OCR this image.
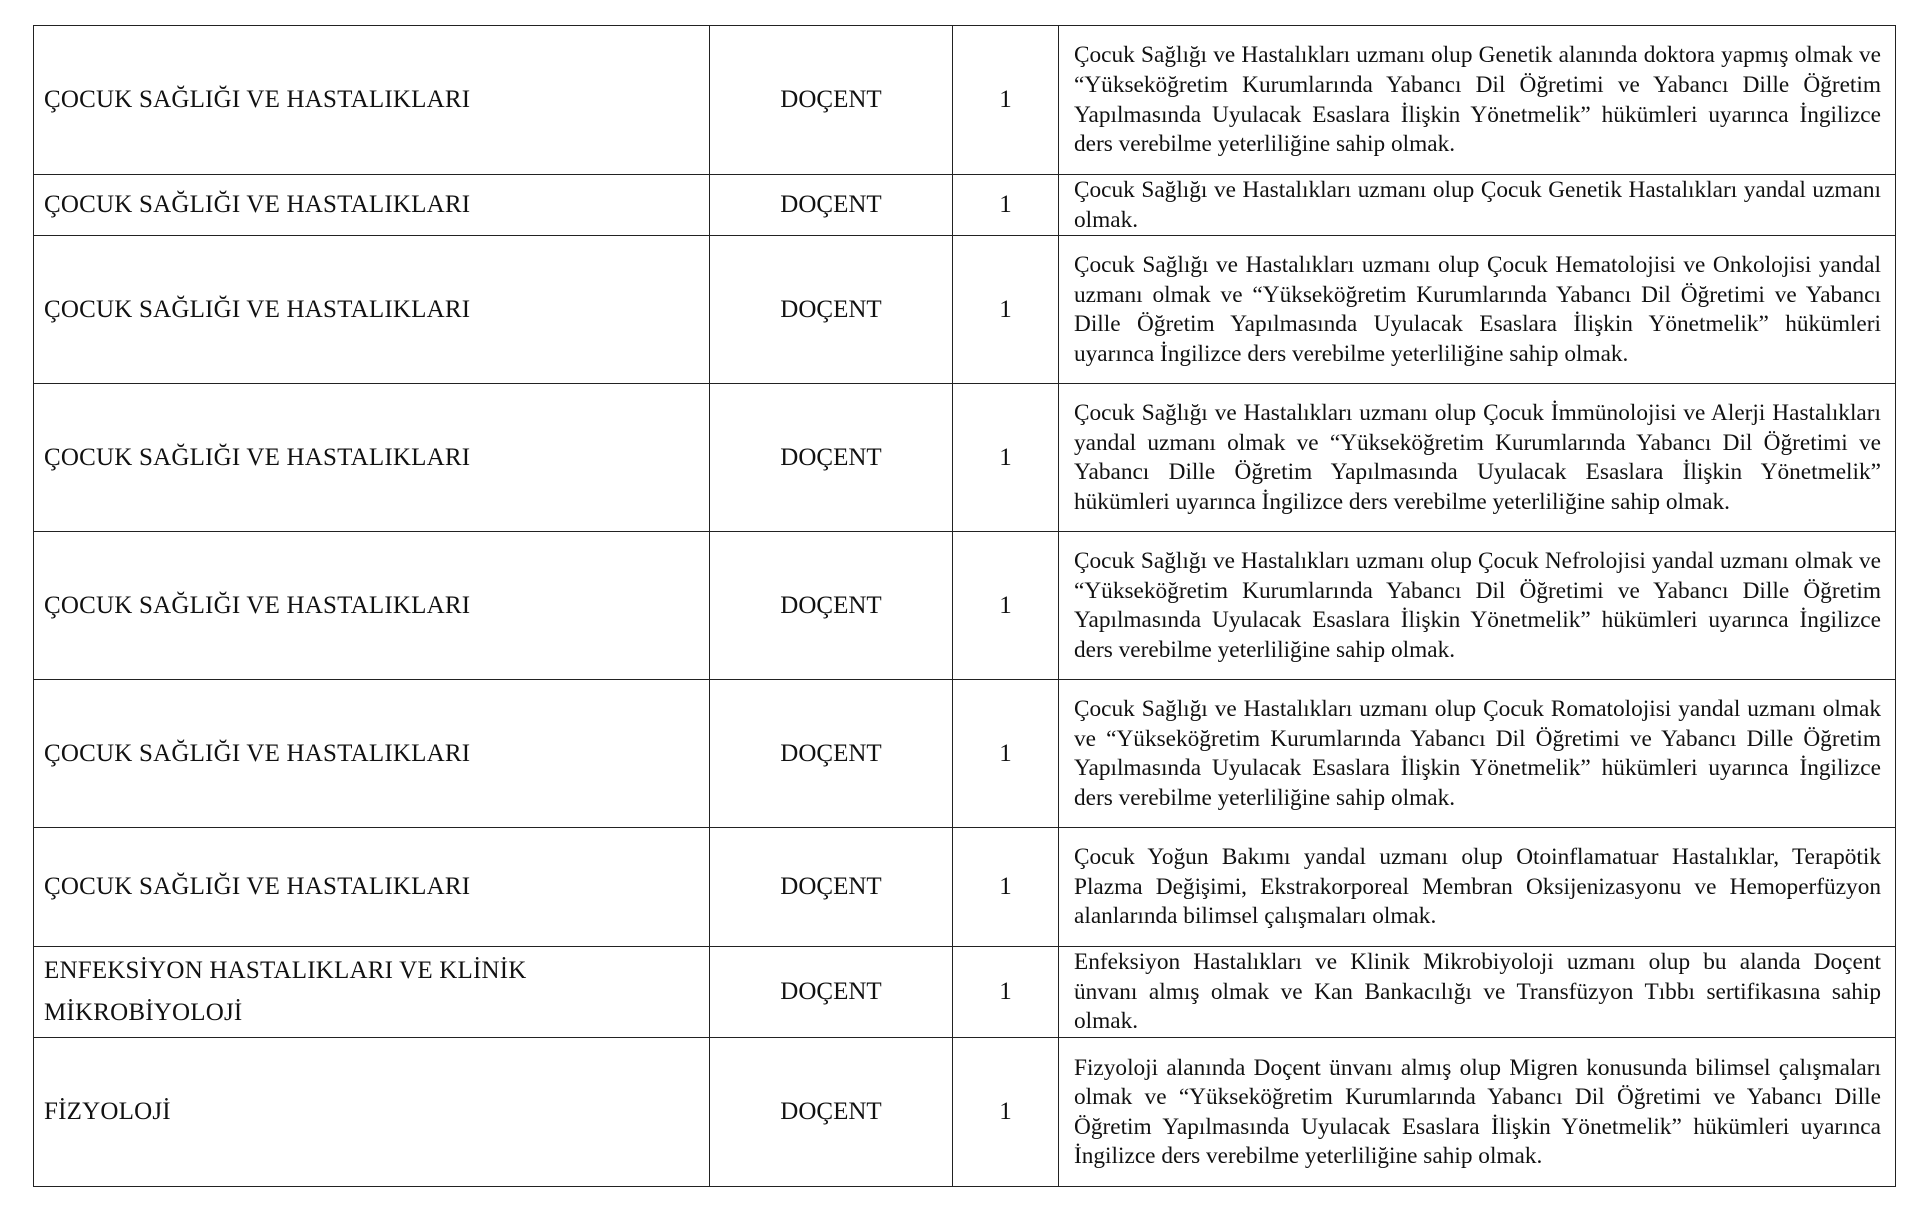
ÇOCUK SAĞLIĞI VE HASTALIKLARI	DOÇENT	1	Çocuk Sağlığı ve Hastalıkları uzmanı olup Genetik alanında doktora yapmış olmak ve “Yükseköğretim Kurumlarında Yabancı Dil Öğretimi ve Yabancı Dille Öğretim Yapılmasında Uyulacak Esaslara İlişkin Yönetmelik” hükümleri uyarınca İngilizce ders verebilme yeterliliğine sahip olmak.
ÇOCUK SAĞLIĞI VE HASTALIKLARI	DOÇENT	1	Çocuk Sağlığı ve Hastalıkları uzmanı olup Çocuk Genetik Hastalıkları yandal uzmanı olmak.
ÇOCUK SAĞLIĞI VE HASTALIKLARI	DOÇENT	1	Çocuk Sağlığı ve Hastalıkları uzmanı olup Çocuk Hematolojisi ve Onkolojisi yandal uzmanı olmak ve “Yükseköğretim Kurumlarında Yabancı Dil Öğretimi ve Yabancı Dille Öğretim Yapılmasında Uyulacak Esaslara İlişkin Yönetmelik” hükümleri uyarınca İngilizce ders verebilme yeterliliğine sahip olmak.
ÇOCUK SAĞLIĞI VE HASTALIKLARI	DOÇENT	1	Çocuk Sağlığı ve Hastalıkları uzmanı olup Çocuk İmmünolojisi ve Alerji Hastalıkları yandal uzmanı olmak ve “Yükseköğretim Kurumlarında Yabancı Dil Öğretimi ve Yabancı Dille Öğretim Yapılmasında Uyulacak Esaslara İlişkin Yönetmelik” hükümleri uyarınca İngilizce ders verebilme yeterliliğine sahip olmak.
ÇOCUK SAĞLIĞI VE HASTALIKLARI	DOÇENT	1	Çocuk Sağlığı ve Hastalıkları uzmanı olup Çocuk Nefrolojisi yandal uzmanı olmak ve “Yükseköğretim Kurumlarında Yabancı Dil Öğretimi ve Yabancı Dille Öğretim Yapılmasında Uyulacak Esaslara İlişkin Yönetmelik” hükümleri uyarınca İngilizce ders verebilme yeterliliğine sahip olmak.
ÇOCUK SAĞLIĞI VE HASTALIKLARI	DOÇENT	1	Çocuk Sağlığı ve Hastalıkları uzmanı olup Çocuk Romatolojisi yandal uzmanı olmak ve “Yükseköğretim Kurumlarında Yabancı Dil Öğretimi ve Yabancı Dille Öğretim Yapılmasında Uyulacak Esaslara İlişkin Yönetmelik” hükümleri uyarınca İngilizce ders verebilme yeterliliğine sahip olmak.
ÇOCUK SAĞLIĞI VE HASTALIKLARI	DOÇENT	1	Çocuk Yoğun Bakımı yandal uzmanı olup Otoinflamatuar Hastalıklar, Terapötik Plazma Değişimi, Ekstrakorporeal Membran Oksijenizasyonu ve Hemoperfüzyon alanlarında bilimsel çalışmaları olmak.
ENFEKSİYON HASTALIKLARI VE KLİNİK MİKROBİYOLOJİ	DOÇENT	1	Enfeksiyon Hastalıkları ve Klinik Mikrobiyoloji uzmanı olup bu alanda Doçent ünvanı almış olmak ve Kan Bankacılığı ve Transfüzyon Tıbbı sertifikasına sahip olmak.
FİZYOLOJİ	DOÇENT	1	Fizyoloji alanında Doçent ünvanı almış olup Migren konusunda bilimsel çalışmaları olmak ve “Yükseköğretim Kurumlarında Yabancı Dil Öğretimi ve Yabancı Dille Öğretim Yapılmasında Uyulacak Esaslara İlişkin Yönetmelik” hükümleri uyarınca İngilizce ders verebilme yeterliliğine sahip olmak.
